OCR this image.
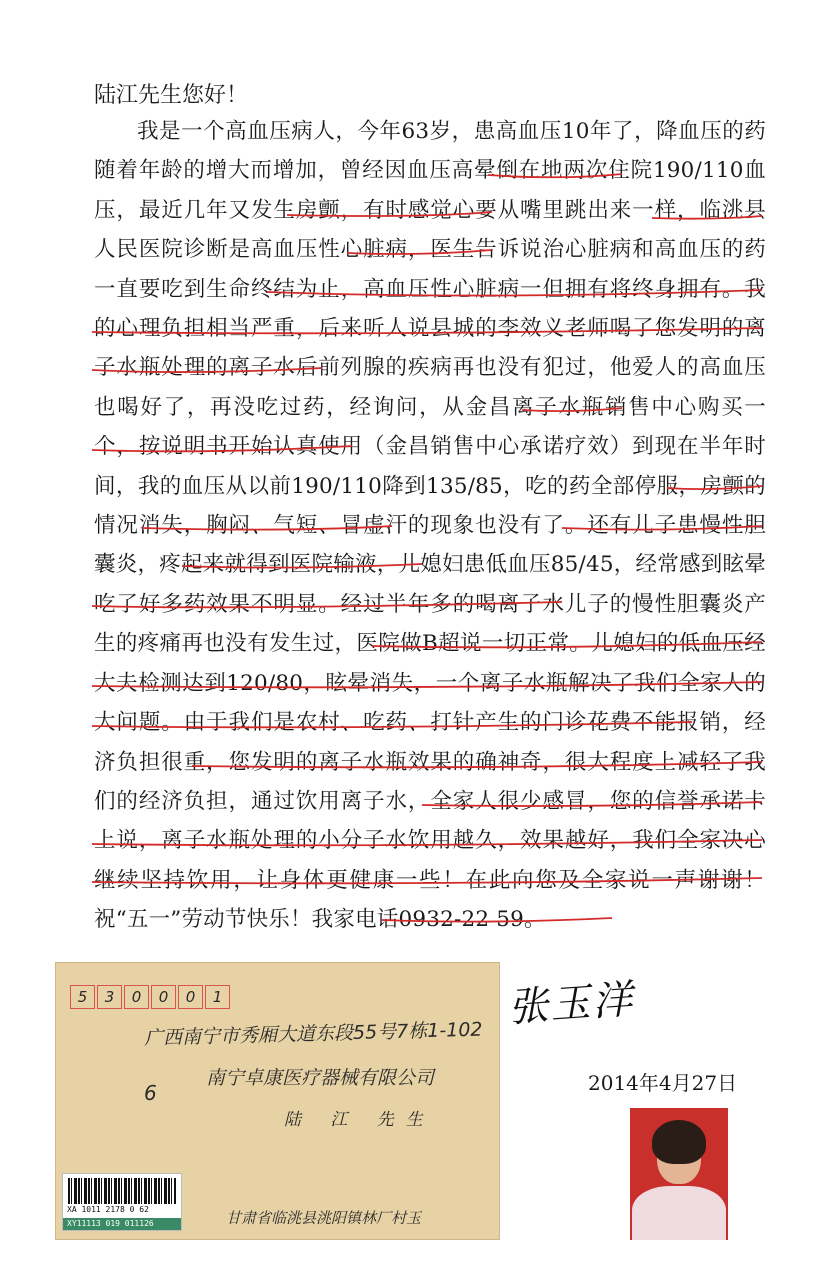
陆江先生您好！

我是一个高血压病人，今年63岁，患高血压10年了，降血压的药随着年龄的增大而增加，曾经因血压高晕倒在地两次住院190/110血压，最近几年又发生房颤，有时感觉心要从嘴里跳出来一样，临洮县人民医院诊断是高血压性心脏病，医生告诉说治心脏病和高血压的药一直要吃到生命终结为止，高血压性心脏病一但拥有将终身拥有。我的心理负担相当严重，后来听人说县城的李效义老师喝了您发明的离子水瓶处理的离子水后前列腺的疾病再也没有犯过，他爱人的高血压也喝好了，再没吃过药，经询问，从金昌离子水瓶销售中心购买一个，按说明书开始认真使用（金昌销售中心承诺疗效）到现在半年时间，我的血压从以前190/110降到135/85，吃的药全部停服，房颤的情况消失，胸闷、气短、冒虚汗的现象也没有了。还有儿子患慢性胆囊炎，疼起来就得到医院输液，儿媳妇患低血压85/45，经常感到眩晕吃了好多药效果不明显。经过半年多的喝离子水儿子的慢性胆囊炎产生的疼痛再也没有发生过，医院做B超说一切正常。儿媳妇的低血压经大夫检测达到120/80，眩晕消失，一个离子水瓶解决了我们全家人的大问题。由于我们是农村、吃药、打针产生的门诊花费不能报销，经济负担很重，您发明的离子水瓶效果的确神奇，很大程度上减轻了我们的经济负担，通过饮用离子水，全家人很少感冒，您的信誉承诺卡上说，离子水瓶处理的小分子水饮用越久，效果越好，我们全家决心继续坚持饮用，让身体更健康一些！在此向您及全家说一声谢谢！祝“五一”劳动节快乐！我家电话0932-22 59。

5	3	0	0	0	1
广西南宁市秀厢大道东段55号7栋1-102
南宁卓康医疗器械有限公司
6
陆 江 先生
甘肃省临洮县洮阳镇林厂村玉
XA 1011 2178 0 62
XY11113 019 011126
张玉洋
2014年4月27日
